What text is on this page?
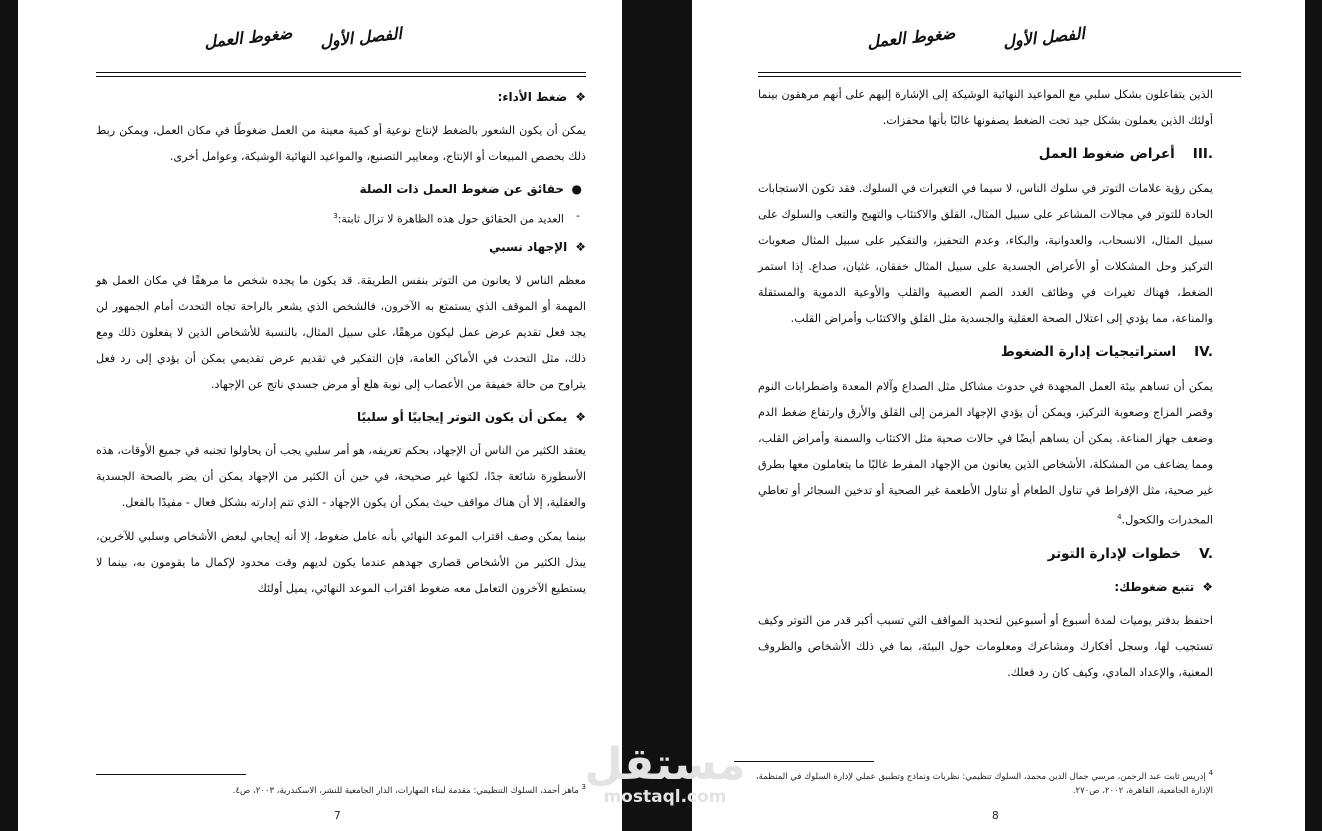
الفصل الأول
ضغوط العمل
❖ضغط الأداء:
يمكن أن يكون الشعور بالضغط لإنتاج نوعية أو كمية معينة من العمل ضغوطًا في مكان العمل، ويمكن ربط ذلك بحصص المبيعات أو الإنتاج، ومعايير التصنيع، والمواعيد النهائية الوشيكة، وعوامل أخرى.
●
حقائق عن ضغوط العمل ذات الصلة
-
العديد من الحقائق حول هذه الظاهرة لا تزال ثابتة:$^3$
❖الإجهاد نسبي
معظم الناس لا يعانون من التوتر بنفس الطريقة. قد يكون ما يجده شخص ما مرهقًا في مكان العمل هو المهمة أو الموقف الذي يستمتع به الآخرون، فالشخص الذي يشعر بالراحة تجاه التحدث أمام الجمهور لن يجد فعل تقديم عرض عمل ليكون مرهقًا، على سبيل المثال، بالنسبة للأشخاص الذين لا يفعلون ذلك ومع ذلك، مثل التحدث في الأماكن العامة، فإن التفكير في تقديم عرض تقديمي يمكن أن يؤدي إلى رد فعل يتراوح من حالة خفيفة من الأعصاب إلى نوبة هلع أو مرض جسدي ناتج عن الإجهاد.
❖يمكن أن يكون التوتر إيجابيًا أو سلبيًا
يعتقد الكثير من الناس أن الإجهاد، بحكم تعريفه، هو أمر سلبي يجب أن يحاولوا تجنبه في جميع الأوقات، هذه الأسطورة شائعة جدًا، لكنها غير صحيحة، في حين أن الكثير من الإجهاد يمكن أن يضر بالصحة الجسدية والعقلية، إلا أن هناك مواقف حيث يمكن أن يكون الإجهاد - الذي تتم إدارته بشكل فعال - مفيدًا بالفعل.
بينما يمكن وصف اقتراب الموعد النهائي بأنه عامل ضغوط، إلا أنه إيجابي لبعض الأشخاص وسلبي للآخرين، يبذل الكثير من الأشخاص قصارى جهدهم عندما يكون لديهم وقت محدود لإكمال ما يقومون به، بينما لا يستطيع الآخرون التعامل معه ضغوط اقتراب الموعد النهائي، يميل أولئك
$^3$ ماهر أحمد، السلوك التنظيمي: مقدمة لبناء المهارات، الدار الجامعية للنشر، الاسكندرية، ٢٠٠٣، ص٤.
7
الفصل الأول
ضغوط العمل
الذين يتفاعلون بشكل سلبي مع المواعيد النهائية الوشيكة إلى الإشارة إليهم على أنهم مرهقون بينما أولئك الذين يعملون بشكل جيد تحت الضغط يصفونها غالبًا بأنها محفزات.
III.أعراض ضغوط العمل
يمكن رؤية علامات التوتر في سلوك الناس، لا سيما في التغيرات في السلوك. فقد تكون الاستجابات الحادة للتوتر في مجالات المشاعر على سبيل المثال، القلق والاكتئاب والتهيج والتعب والسلوك على سبيل المثال، الانسحاب، والعدوانية، والبكاء، وعدم التحفيز، والتفكير على سبيل المثال صعوبات التركيز وحل المشكلات أو الأعراض الجسدية على سبيل المثال خفقان، غثيان، صداع. إذا استمر الضغط، فهناك تغيرات في وظائف الغدد الصم العصبية والقلب والأوعية الدموية والمستقلة والمناعة، مما يؤدي إلى اعتلال الصحة العقلية والجسدية مثل القلق والاكتئاب وأمراض القلب.
IV.استراتيجيات إدارة الضغوط
يمكن أن تساهم بيئة العمل المجهدة في حدوث مشاكل مثل الصداع وآلام المعدة واضطرابات النوم وقصر المزاج وصعوبة التركيز، ويمكن أن يؤدي الإجهاد المزمن إلى القلق والأرق وارتفاع ضغط الدم وضعف جهاز المناعة. يمكن أن يساهم أيضًا في حالات صحية مثل الاكتئاب والسمنة وأمراض القلب، ومما يضاعف من المشكلة، الأشخاص الذين يعانون من الإجهاد المفرط غالبًا ما يتعاملون معها بطرق غير صحية، مثل الإفراط في تناول الطعام أو تناول الأطعمة غير الصحية أو تدخين السجائر أو تعاطي المخدرات والكحول.$^4$
V.خطوات لإدارة التوتر
❖تتبع ضغوطك:
احتفظ بدفتر يوميات لمدة أسبوع أو أسبوعين لتحديد المواقف التي تسبب أكبر قدر من التوتر وكيف تستجيب لها، وسجل أفكارك ومشاعرك ومعلومات حول البيئة، بما في ذلك الأشخاص والظروف المعنية، والإعداد المادي، وكيف كان رد فعلك.
$^4$ إدريس ثابت عبد الرحمن، مرسي جمال الدين محمد، السلوك تنظيمي: نظريات ونماذج وتطبيق عملي لإدارة السلوك في المنظمة، الإدارة الجامعية، القاهرة، ٢٠٠٢، ص٢٧٠.
8
مستقل
mostaql.com
